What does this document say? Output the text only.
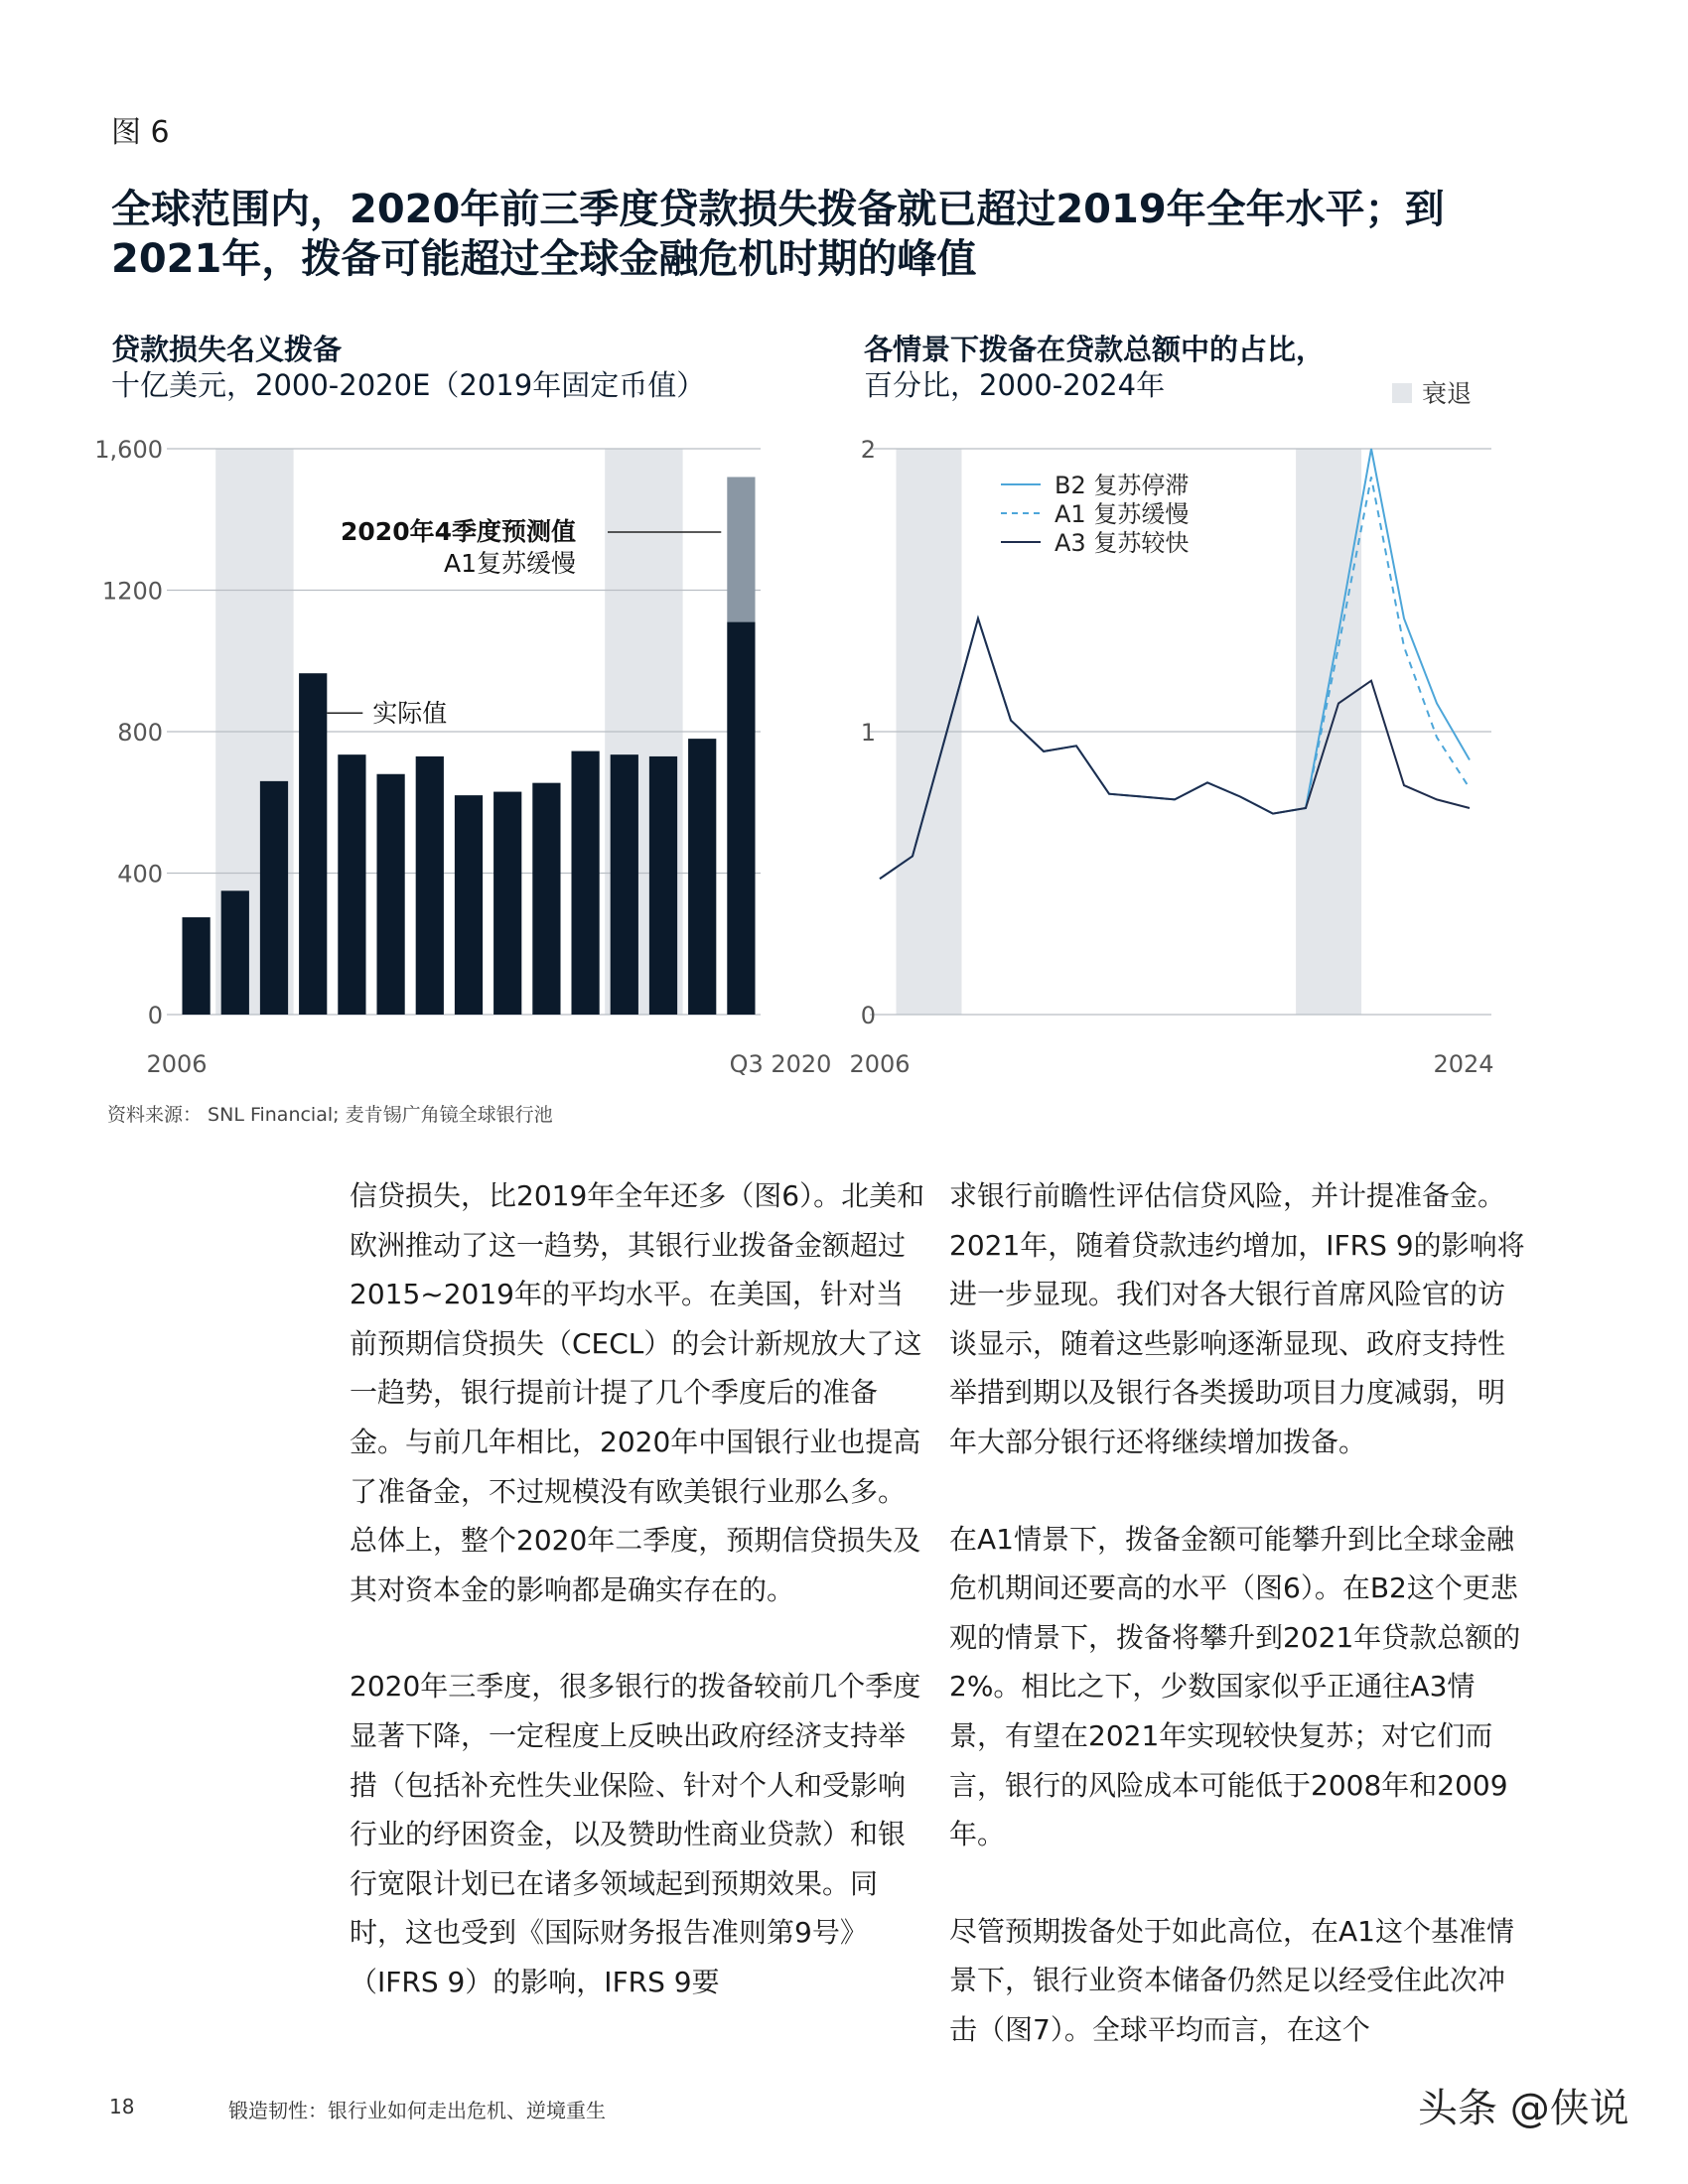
图 6
全球范围内，2020年前三季度贷款损失拨备就已超过2019年全年水平；到2021年，拨备可能超过全球金融危机时期的峰值
贷款损失名义拨备
十亿美元，2000-2020E（2019年固定币值）
各情景下拨备在贷款总额中的占比，
百分比，2000-2024年
0
400
800
1200
1,600
2006	Q3 2020
2020年4季度预测值
A1复苏缓慢
实际值
衰退
0
1
2
B2 复苏停滞
A1 复苏缓慢
A3 复苏较快
2006	2024
资料来源： SNL Financial; 麦肯锡广角镜全球银行池

信贷损失，比2019年全年还多（图6）。北美和欧洲推动了这一趋势，其银行业拨备金额超过2015~2019年的平均水平。在美国，针对当前预期信贷损失（CECL）的会计新规放大了这一趋势，银行提前计提了几个季度后的准备金。与前几年相比，2020年中国银行业也提高了准备金，不过规模没有欧美银行业那么多。总体上，整个2020年二季度，预期信贷损失及其对资本金的影响都是确实存在的。

2020年三季度，很多银行的拨备较前几个季度显著下降，一定程度上反映出政府经济支持举措（包括补充性失业保险、针对个人和受影响行业的纾困资金，以及赞助性商业贷款）和银行宽限计划已在诸多领域起到预期效果。同时，这也受到《国际财务报告准则第9号》（IFRS 9）的影响，IFRS 9要

求银行前瞻性评估信贷风险，并计提准备金。2021年，随着贷款违约增加，IFRS 9的影响将进一步显现。我们对各大银行首席风险官的访谈显示，随着这些影响逐渐显现、政府支持性举措到期以及银行各类援助项目力度减弱，明年大部分银行还将继续增加拨备。

在A1情景下，拨备金额可能攀升到比全球金融危机期间还要高的水平（图6）。在B2这个更悲观的情景下，拨备将攀升到2021年贷款总额的2%。相比之下，少数国家似乎正通往A3情景，有望在2021年实现较快复苏；对它们而言，银行的风险成本可能低于2008年和2009年。

尽管预期拨备处于如此高位，在A1这个基准情景下，银行业资本储备仍然足以经受住此次冲击（图7）。全球平均而言，在这个

18	锻造韧性：银行业如何走出危机、逆境重生	头条 @侠说
